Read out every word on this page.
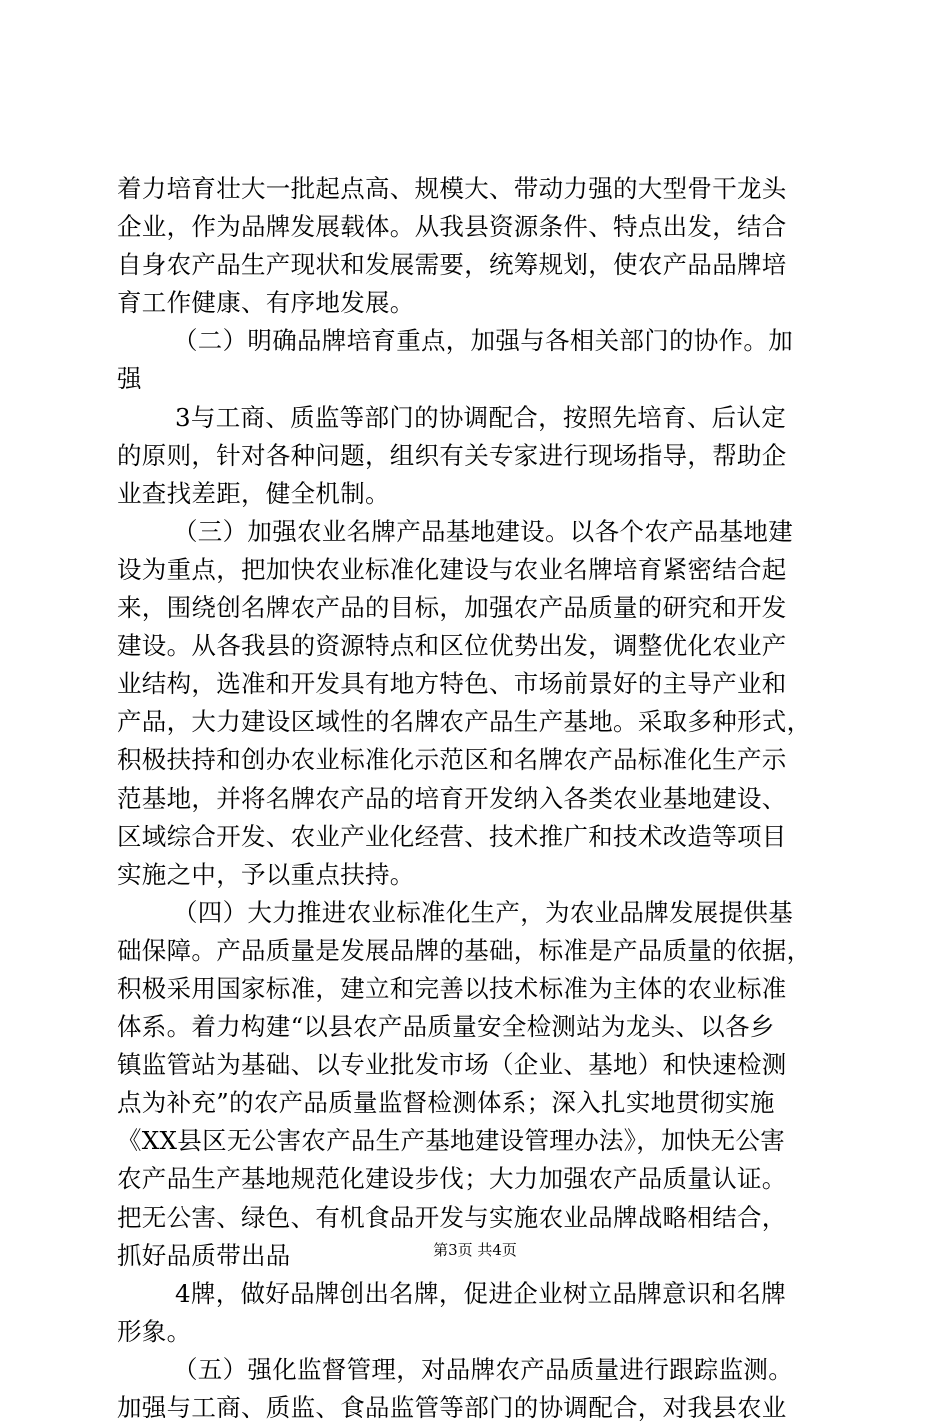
着力培育壮大一批起点高、规模大、带动力强的大型骨干龙头
企业，作为品牌发展载体。从我县资源条件、特点出发，结合
自身农产品生产现状和发展需要，统筹规划，使农产品品牌培
育工作健康、有序地发展。
（二）明确品牌培育重点，加强与各相关部门的协作。加
强
3与工商、质监等部门的协调配合，按照先培育、后认定
的原则，针对各种问题，组织有关专家进行现场指导，帮助企
业查找差距，健全机制。
（三）加强农业名牌产品基地建设。以各个农产品基地建
设为重点，把加快农业标准化建设与农业名牌培育紧密结合起
来，围绕创名牌农产品的目标，加强农产品质量的研究和开发
建设。从各我县的资源特点和区位优势出发，调整优化农业产
业结构，选准和开发具有地方特色、市场前景好的主导产业和
产品，大力建设区域性的名牌农产品生产基地。采取多种形式，
积极扶持和创办农业标准化示范区和名牌农产品标准化生产示
范基地，并将名牌农产品的培育开发纳入各类农业基地建设、
区域综合开发、农业产业化经营、技术推广和技术改造等项目
实施之中，予以重点扶持。
（四）大力推进农业标准化生产，为农业品牌发展提供基
础保障。产品质量是发展品牌的基础，标准是产品质量的依据，
积极采用国家标准，建立和完善以技术标准为主体的农业标准
体系。着力构建“以县农产品质量安全检测站为龙头、以各乡
镇监管站为基础、以专业批发市场（企业、基地）和快速检测
点为补充”的农产品质量监督检测体系；深入扎实地贯彻实施
《XX县区无公害农产品生产基地建设管理办法》，加快无公害
农产品生产基地规范化建设步伐；大力加强农产品质量认证。
把无公害、绿色、有机食品开发与实施农业品牌战略相结合，
抓好品质带出品
4牌，做好品牌创出名牌，促进企业树立品牌意识和名牌
形象。
（五）强化监督管理，对品牌农产品质量进行跟踪监测。
加强与工商、质监、食品监管等部门的协调配合，对我县农业
第3页 共4页
